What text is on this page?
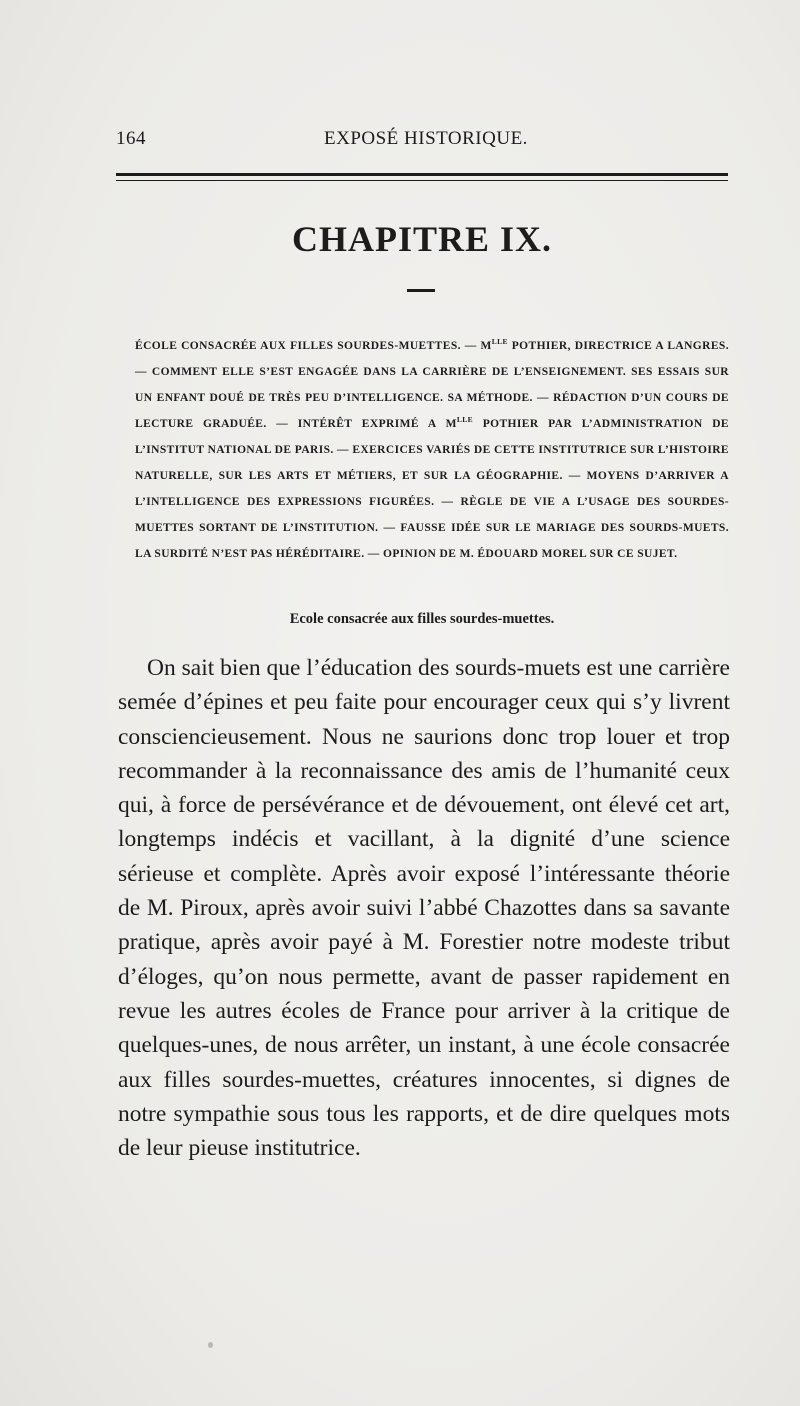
164	EXPOSÉ HISTORIQUE.
CHAPITRE IX.
ÉCOLE CONSACRÉE AUX FILLES SOURDES-MUETTES. — $M^{LLE}$ POTHIER, DIRECTRICE A LANGRES. — COMMENT ELLE S’EST ENGAGÉE DANS LA CARRIÈRE DE L’ENSEIGNEMENT. SES ESSAIS SUR UN ENFANT DOUÉ DE TRÈS PEU D’INTELLIGENCE. SA MÉTHODE. — RÉDACTION D’UN COURS DE LECTURE GRADUÉE. — INTÉRÊT EXPRIMÉ A $M^{LLE}$ POTHIER PAR L’ADMINISTRATION DE L’INSTITUT NATIONAL DE PARIS. — EXERCICES VARIÉS DE CETTE INSTITUTRICE SUR L’HISTOIRE NATURELLE, SUR LES ARTS ET MÉTIERS, ET SUR LA GÉOGRAPHIE. — MOYENS D’ARRIVER A L’INTELLIGENCE DES EXPRESSIONS FIGURÉES. — RÈGLE DE VIE A L’USAGE DES SOURDES-MUETTES SORTANT DE L’INSTITUTION. — FAUSSE IDÉE SUR LE MARIAGE DES SOURDS-MUETS. LA SURDITÉ N’EST PAS HÉRÉDITAIRE. — OPINION DE M. ÉDOUARD MOREL SUR CE SUJET.
Ecole consacrée aux filles sourdes-muettes.

On sait bien que l’éducation des sourds-muets est une carrière semée d’épines et peu faite pour encourager ceux qui s’y livrent consciencieusement. Nous ne saurions donc trop louer et trop recommander à la reconnaissance des amis de l’humanité ceux qui, à force de persévérance et de dévouement, ont élevé cet art, longtemps indécis et vacillant, à la dignité d’une science sérieuse et complète. Après avoir exposé l’intéressante théorie de M. Piroux, après avoir suivi l’abbé Chazottes dans sa savante pratique, après avoir payé à M. Forestier notre modeste tribut d’éloges, qu’on nous permette, avant de passer rapidement en revue les autres écoles de France pour arriver à la critique de quelques-unes, de nous arrêter, un instant, à une école consacrée aux filles sourdes-muettes, créatures innocentes, si dignes de notre sympathie sous tous les rapports, et de dire quelques mots de leur pieuse institutrice.
